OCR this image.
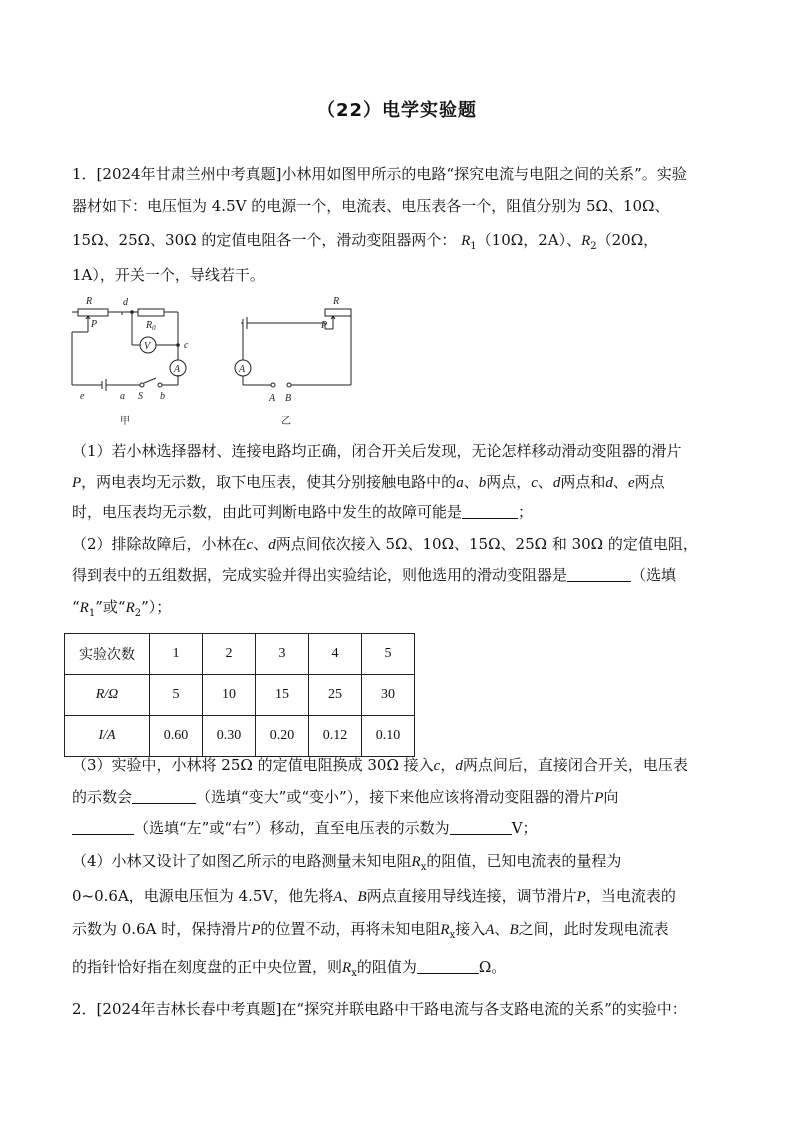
（22）电学实验题
1．[2024年甘肃兰州中考真题]小林用如图甲所示的电路“探究电流与电阻之间的关系”。实验
器材如下：电压恒为 4.5V 的电源一个，电流表、电压表各一个，阻值分别为 5Ω、10Ω、
15Ω、25Ω、30Ω 的定值电阻各一个，滑动变阻器两个： $R_1(10\Omega$，2A）、$R_2(20\Omega$，
1A），开关一个，导线若干。
R
P
d
$R_0$
V
A
c
e	a S b
甲
R
P
A
A B
乙
（1）若小林选择器材、连接电路均正确，闭合开关后发现，无论怎样移动滑动变阻器的滑片
P，两电表均无示数，取下电压表，使其分别接触电路中的a、b两点，c、d两点和d、e两点
时，电压表均无示数，由此可判断电路中发生的故障可能是	；
（2）排除故障后，小林在c、d两点间依次接入 5Ω、10Ω、15Ω、25Ω 和 30Ω 的定值电阻，
得到表中的五组数据，完成实验并得出实验结论，则他选用的滑动变阻器是	（选填
“$R_1$”或“$R_2$”）；
实验次数	1	2	3	4	5
R/Ω	5	10	15	25	30
I/A	0.60	0.30	0.20	0.12	0.10
（3）实验中，小林将 25Ω 的定值电阻换成 30Ω 接入c，d两点间后，直接闭合开关，电压表
的示数会	（选填“变大”或“变小”），接下来他应该将滑动变阻器的滑片P向
（选填“左”或“右”）移动，直至电压表的示数为	V；
（4）小林又设计了如图乙所示的电路测量未知电阻$R_x$的阻值，已知电流表的量程为
0~0.6A，电源电压恒为 4.5V，他先将A、B两点直接用导线连接，调节滑片P，当电流表的
示数为 0.6A 时，保持滑片P的位置不动，再将未知电阻$R_x$接入A、B之间，此时发现电流表
的指针恰好指在刻度盘的正中央位置，则$R_x$的阻值为	Ω。
2．[2024年吉林长春中考真题]在“探究并联电路中干路电流与各支路电流的关系”的实验中：
